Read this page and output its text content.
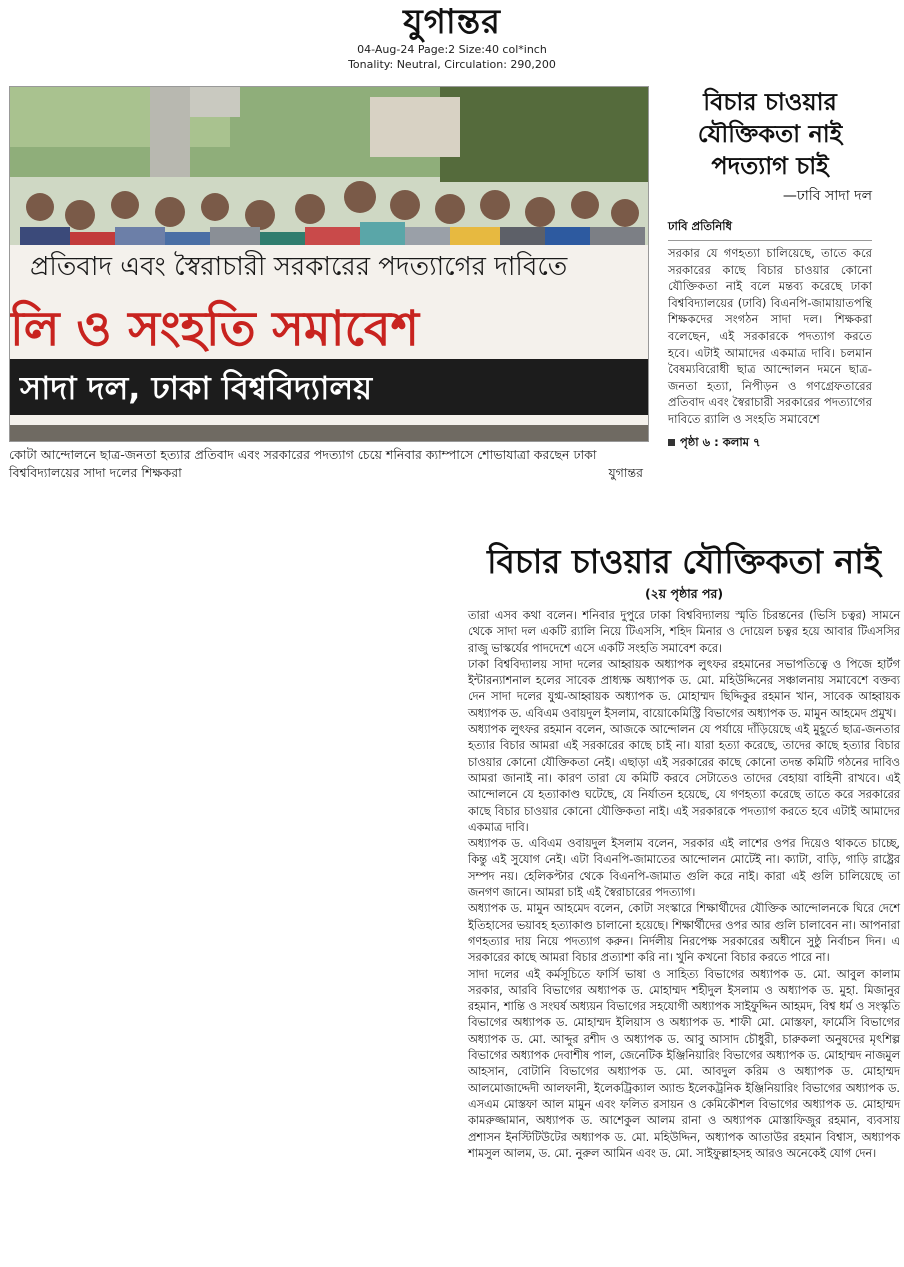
যুগান্তর
04-Aug-24 Page:2 Size:40 col*inch
Tonality: Neutral, Circulation: 290,200
প্রতিবাদ এবং স্বৈরাচারী সরকারের পদত্যাগের দাবিতে
লি ও সংহতি সমাবেশ
সাদা দল, ঢাকা বিশ্ববিদ্যালয়
কোটা আন্দোলনে ছাত্র-জনতা হত্যার প্রতিবাদ এবং সরকারের পদত্যাগ চেয়ে শনিবার ক্যাম্পাসে শোভাযাত্রা করছেন ঢাকা বিশ্ববিদ্যালয়ের সাদা দলের শিক্ষকরা	যুগান্তর
বিচার চাওয়ার যৌক্তিকতা নাই পদত্যাগ চাই
—ঢাবি সাদা দল
ঢাবি প্রতিনিধি
সরকার যে গণহত্যা চালিয়েছে, তাতে করে সরকারের কাছে বিচার চাওয়ার কোনো যৌক্তিকতা নাই বলে মন্তব্য করেছে ঢাকা বিশ্ববিদ্যালয়ের (ঢাবি) বিএনপি-জামায়াতপন্থি শিক্ষকদের সংগঠন সাদা দল। শিক্ষকরা বলেছেন, এই সরকারকে পদত্যাগ করতে হবে। এটাই আমাদের একমাত্র দাবি। চলমান বৈষম্যবিরোধী ছাত্র আন্দোলন দমনে ছাত্র-জনতা হত্যা, নিপীড়ন ও গণগ্রেফতারের প্রতিবাদ এবং স্বৈরাচারী সরকারের পদত্যাগের দাবিতে র‌্যালি ও সংহতি সমাবেশে
পৃষ্ঠা ৬ : কলাম ৭
বিচার চাওয়ার যৌক্তিকতা নাই
(২য় পৃষ্ঠার পর)

তারা এসব কথা বলেন। শনিবার দুপুরে ঢাকা বিশ্ববিদ্যালয় স্মৃতি চিরন্তনের (ভিসি চত্বর) সামনে থেকে সাদা দল একটি র‌্যালি নিয়ে টিএসসি, শহিদ মিনার ও দোয়েল চত্বর হয়ে আবার টিএসসির রাজু ভাস্কর্যের পাদদেশে এসে একটি সংহতি সমাবেশ করে।

ঢাকা বিশ্ববিদ্যালয় সাদা দলের আহ্বায়ক অধ্যাপক লুৎফর রহমানের সভাপতিত্বে ও পিজে হার্টগ ইন্টারন্যাশনাল হলের সাবেক প্রাধ্যক্ষ অধ্যাপক ড. মো. মহিউদ্দিনের সঞ্চালনায় সমাবেশে বক্তব্য দেন সাদা দলের যুগ্ম-আহ্বায়ক অধ্যাপক ড. মোহাম্মদ ছিদ্দিকুর রহমান খান, সাবেক আহ্বায়ক অধ্যাপক ড. এবিএম ওবায়দুল ইসলাম, বায়োকেমিস্ট্রি বিভাগের অধ্যাপক ড. মামুন আহমেদ প্রমুখ।

অধ্যাপক লুৎফর রহমান বলেন, আজকে আন্দোলন যে পর্যায়ে দাঁড়িয়েছে এই মুহূর্তে ছাত্র-জনতার হত্যার বিচার আমরা এই সরকারের কাছে চাই না। যারা হত্যা করেছে, তাদের কাছে হত্যার বিচার চাওয়ার কোনো যৌক্তিকতা নেই। এছাড়া এই সরকারের কাছে কোনো তদন্ত কমিটি গঠনের দাবিও আমরা জানাই না। কারণ তারা যে কমিটি করবে সেটাতেও তাদের বেহায়া বাহিনী রাখবে। এই আন্দোলনে যে হত্যাকাণ্ড ঘটেছে, যে নির্যাতন হয়েছে, যে গণহত্যা করেছে তাতে করে সরকারের কাছে বিচার চাওয়ার কোনো যৌক্তিকতা নাই। এই সরকারকে পদত্যাগ করতে হবে এটাই আমাদের একমাত্র দাবি।

অধ্যাপক ড. এবিএম ওবায়দুল ইসলাম বলেন, সরকার এই লাশের ওপর দিয়েও থাকতে চাচ্ছে, কিন্তু এই সুযোগ নেই। এটা বিএনপি-জামাতের আন্দোলন মোটেই না। ক্যাটা, বাড়ি, গাড়ি রাষ্ট্রের সম্পদ নয়। হেলিকপ্টার থেকে বিএনপি-জামাত গুলি করে নাই। কারা এই গুলি চালিয়েছে তা জনগণ জানে। আমরা চাই এই স্বৈরাচারের পদত্যাগ।

অধ্যাপক ড. মামুন আহমেদ বলেন, কোটা সংস্কারে শিক্ষার্থীদের যৌক্তিক আন্দোলনকে ঘিরে দেশে ইতিহাসের ভয়াবহ হত্যাকাণ্ড চালানো হয়েছে। শিক্ষার্থীদের ওপর আর গুলি চালাবেন না। আপনারা গণহত্যার দায় নিয়ে পদত্যাগ করুন। নির্দলীয় নিরপেক্ষ সরকারের অধীনে সুষ্ঠু নির্বাচন দিন। এ সরকারের কাছে আমরা বিচার প্রত্যাশা করি না। খুনি কখনো বিচার করতে পারে না।

সাদা দলের এই কর্মসূচিতে ফার্সি ভাষা ও সাহিত্য বিভাগের অধ্যাপক ড. মো. আবুল কালাম সরকার, আরবি বিভাগের অধ্যাপক ড. মোহাম্মদ শহীদুল ইসলাম ও অধ্যাপক ড. মুহা. মিজানুর রহমান, শান্তি ও সংঘর্ষ অধ্যয়ন বিভাগের সহযোগী অধ্যাপক সাইফুদ্দিন আহমদ, বিশ্ব ধর্ম ও সংস্কৃতি বিভাগের অধ্যাপক ড. মোহাম্মদ ইলিয়াস ও অধ্যাপক ড. শাফী মো. মোস্তফা, ফার্মেসি বিভাগের অধ্যাপক ড. মো. আব্দুর রশীদ ও অধ্যাপক ড. আবু আসাদ চৌধুরী, চারুকলা অনুষদের মৃৎশিল্প বিভাগের অধ্যাপক দেবাশীষ পাল, জেনেটিক ইঞ্জিনিয়ারিং বিভাগের অধ্যাপক ড. মোহাম্মদ নাজমুল আহসান, বোটানি বিভাগের অধ্যাপক ড. মো. আবদুল করিম ও অধ্যাপক ড. মোহাম্মদ আলমোজাদ্দেদী আলফানী, ইলেকট্রিক্যাল অ্যান্ড ইলেকট্রনিক ইঞ্জিনিয়ারিং বিভাগের অধ্যাপক ড. এসএম মোস্তফা আল মামুন এবং ফলিত রসায়ন ও কেমিকৌশল বিভাগের অধ্যাপক ড. মোহাম্মদ কামরুজ্জামান, অধ্যাপক ড. আশেকুল আলম রানা ও অধ্যাপক মোস্তাফিজুর রহমান, ব্যবসায় প্রশাসন ইনস্টিটিউটের অধ্যাপক ড. মো. মহিউদ্দিন, অধ্যাপক আতাউর রহমান বিশ্বাস, অধ্যাপক শামসুল আলম, ড. মো. নুরুল আমিন এবং ড. মো. সাইফুল্লাহসহ আরও অনেকেই যোগ দেন।
